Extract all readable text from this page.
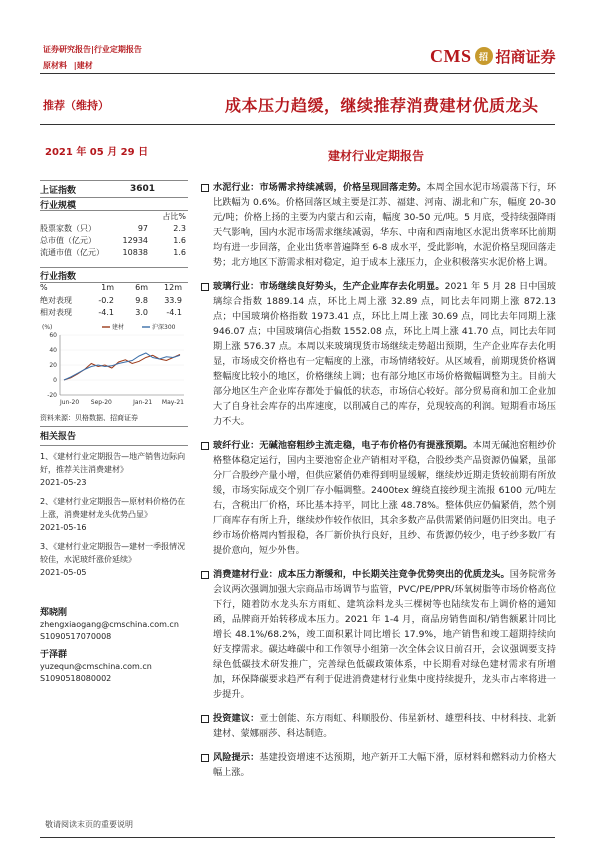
证券研究报告|行业定期报告
原材料 |建材	CMS 招 招商证券
推荐（维持）	成本压力趋缓，继续推荐消费建材优质龙头
2021 年 05 月 29 日	建材行业定期报告
上证指数	3601
行业规模
占比%
股票家数（只）	97	2.3
总市值（亿元）	12934	1.6
流通市值（亿元）	10838	1.6
行业指数
%	1m	6m	12m
绝对表现	-0.2	9.8	33.9
相对表现	-4.1	3.0	-4.1
(%)
60
40
20
0
-20
Jun-20 Sep-20	Jan-21 May-21
建材	沪深300
资料来源：贝格数据、招商证券
相关报告
1、《建材行业定期报告—地产销售边际向好，推荐关注消费建材》
2021-05-23
2、《建材行业定期报告—原材料价格仍在上涨，消费建材龙头优势凸显》
2021-05-16
3、《建材行业定期报告—建材一季报情况较佳，水泥玻纤涨价延续》
2021-05-05
郑晓刚
zhengxiaogang@cmschina.com.cn
S1090517070008
于泽群
yuzequn@cmschina.com.cn
S1090518080002
水泥行业：市场需求持续减弱，价格呈现回落走势。本周全国水泥市场震荡下行，环比跌幅为 0.6%。价格回落区域主要是江苏、福建、河南、湖北和广东，幅度 20-30 元/吨；价格上扬的主要为内蒙古和云南，幅度 30-50 元/吨。5 月底，受持续强降雨天气影响，国内水泥市场需求继续减弱，华东、中南和西南地区水泥出货率环比前期均有进一步回落，企业出货率普遍降至 6-8 成水平，受此影响，水泥价格呈现回落走势；北方地区下游需求相对稳定，迫于成本上涨压力，企业积极落实水泥价格上调。
玻璃行业：市场继续良好势头，生产企业库存去化明显。2021 年 5 月 28 日中国玻璃综合指数 1889.14 点，环比上周上涨 32.89 点，同比去年同期上涨 872.13 点；中国玻璃价格指数 1973.41 点，环比上周上涨 30.69 点，同比去年同期上涨 946.07 点；中国玻璃信心指数 1552.08 点，环比上周上涨 41.70 点，同比去年同期上涨 576.37 点。本周以来玻璃现货市场继续走势超出预期，生产企业库存去化明显，市场成交价格也有一定幅度的上涨，市场情绪较好。从区域看，前期现货价格调整幅度比较小的地区，价格继续上调；也有部分地区市场价格微幅调整为主。目前大部分地区生产企业库存都处于偏低的状态，市场信心较好。部分贸易商和加工企业加大了自身社会库存的出库速度，以削减自己的库存，兑现较高的利润。短期看市场压力不大。
玻纤行业：无碱池窑粗纱主流走稳，电子布价格仍有提涨预期。本周无碱池窑粗纱价格整体稳定运行，国内主要池窑企业产销相对平稳，合股纱类产品资源仍偏紧，虽部分厂合股纱产量小增，但供应紧俏仍难得到明显缓解，继续炒近期走货较前期有所放缓，市场实际成交个别厂存小幅调整。2400tex 缠绕直接纱现主流报 6100 元/吨左右，含税出厂价格，环比基本持平，同比上涨 48.78%。整体供应仍偏紧俏，然个别厂商库存有所上升，继续炒作较作依旧，其余多数产品供需紧俏问题仍旧突出。电子纱市场价格周内暂报稳，各厂新价执行良好，且纱、布货源仍较少，电子纱多数厂有提价意向，短少外售。
消费建材行业：成本压力渐缓和，中长期关注竞争优势突出的优质龙头。国务院常务会议两次强调加强大宗商品市场调节与监管，PVC/PE/PPR/环氧树脂等市场价格高位下行，随着防水龙头东方雨虹、建筑涂料龙头三棵树等也陆续发布上调价格的通知函，品牌商开始转移成本压力。2021 年 1-4 月，商品房销售面积/销售额累计同比增长 48.1%/68.2%，竣工面积累计同比增长 17.9%，地产销售和竣工超期持续向好支撑需求。碳达峰碳中和工作领导小组第一次全体会议日前召开，会议强调要支持绿色低碳技术研发推广，完善绿色低碳政策体系，中长期看对绿色建材需求有所增加，环保降碳要求趋严有利于促进消费建材行业集中度持续提升，龙头市占率将进一步提升。
投资建议：亚士创能、东方雨虹、科顺股份、伟星新材、雄塑科技、中材科技、北新建材、蒙娜丽莎、科达制造。
风险提示：基建投资增速不达预期，地产新开工大幅下滑，原材料和燃料动力价格大幅上涨。
敬请阅读末页的重要说明
